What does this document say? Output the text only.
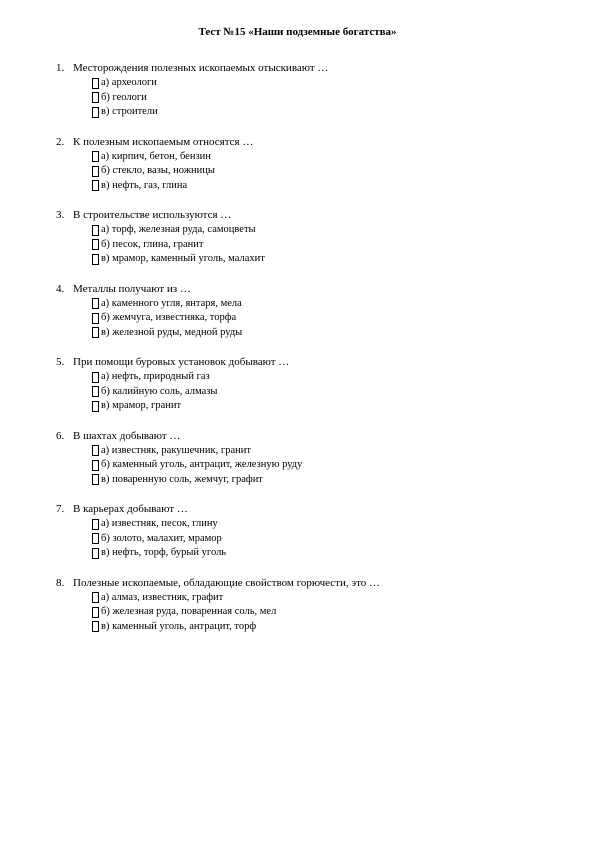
Тест №15 «Наши подземные богатства»
1. Месторождения полезных ископаемых отыскивают …
а) археологи
б) геологи
в) строители
2. К полезным ископаемым относятся …
а) кирпич, бетон, бензин
б) стекло, вазы, ножницы
в) нефть, газ, глина
3. В строительстве используются …
а) торф, железная руда, самоцветы
б) песок, глина, гранит
в) мрамор, каменный уголь, малахит
4. Металлы получают из …
а) каменного угля, янтаря, мела
б) жемчуга, известняка, торфа
в) железной руды, медной руды
5. При помощи буровых установок добывают …
а) нефть, природный газ
б) калийную соль, алмазы
в) мрамор, гранит
6. В шахтах добывают …
а) известняк, ракушечник, гранит
б) каменный уголь, антрацит, железную руду
в) поваренную соль, жемчуг, графит
7. В карьерах добывают …
а) известняк, песок, глину
б) золото, малахит, мрамор
в) нефть, торф, бурый уголь
8. Полезные ископаемые, обладающие свойством горючести, это …
а) алмаз, известняк, графит
б) железная руда, поваренная соль, мел
в) каменный уголь, антрацит, торф
